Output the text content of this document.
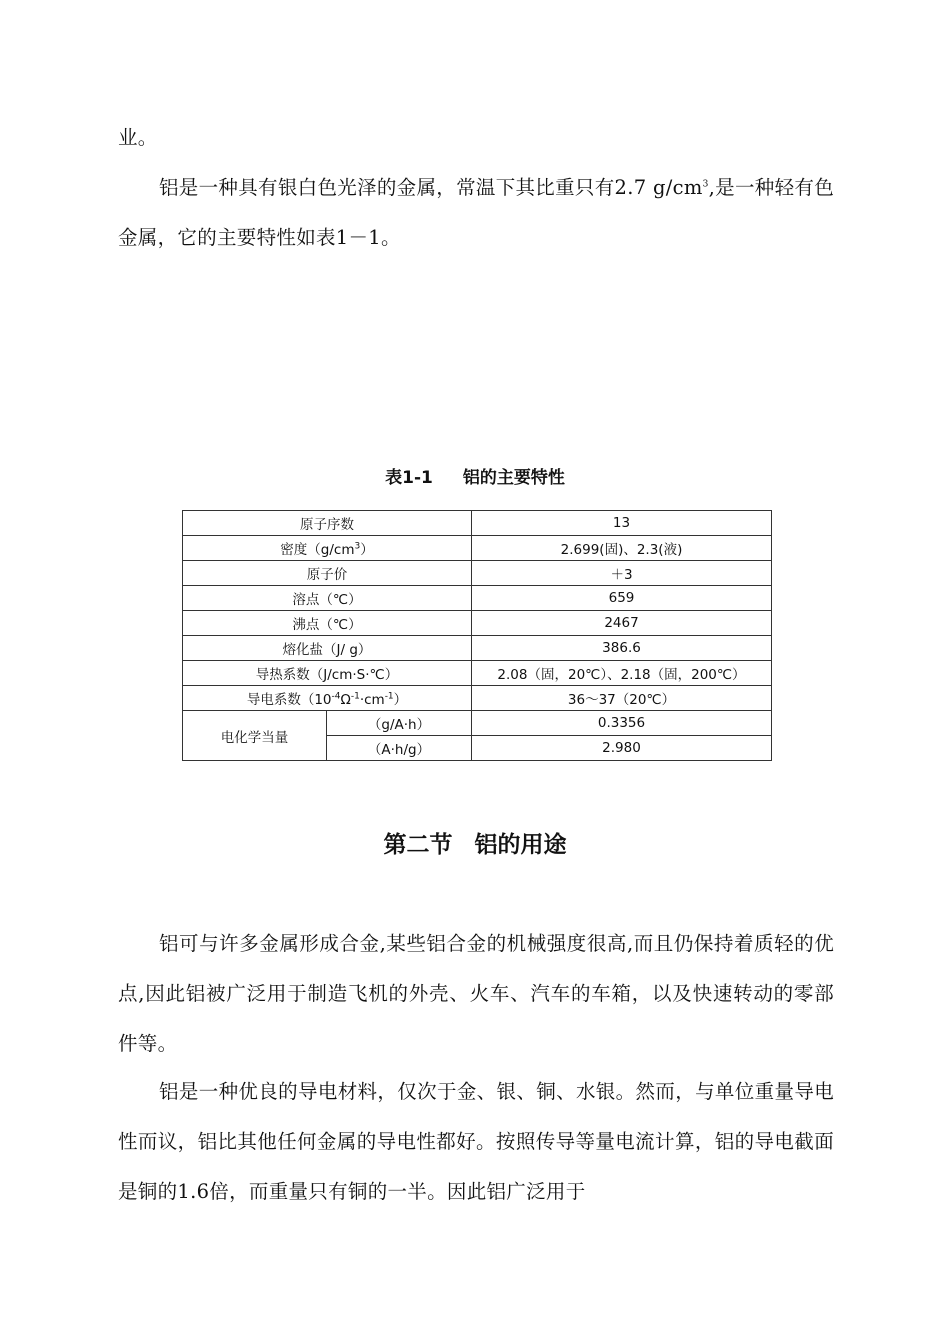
业。

铝是一种具有银白色光泽的金属，常温下其比重只有2.7 $g/cm^3$,是一种轻有色金属，它的主要特性如表1－1。

表1-1 铝的主要特性
原子序数		13
密度$(g/cm^3)$		2.699(固)、2.3(液)
原子价		＋3
溶点（℃）		659
沸点（℃）		2467
熔化盐（J/ g）		386.6
导热系数（J/cm·S·℃）		2.08（固，20℃）、2.18（固，200℃）
导电系数$(10^{-4}\Omega^{-1}\cdot cm^{-1})$		36～37（20℃）
电化学当量	（g/A·h）	0.3356
	（A·h/g）	2.980
第二节 铝的用途

铝可与许多金属形成合金,某些铝合金的机械强度很高,而且仍保持着质轻的优点,因此铝被广泛用于制造飞机的外壳、火车、汽车的车箱，以及快速转动的零部件等。

铝是一种优良的导电材料，仅次于金、银、铜、水银。然而，与单位重量导电性而议，铝比其他任何金属的导电性都好。按照传导等量电流计算，铝的导电截面是铜的1.6倍，而重量只有铜的一半。因此铝广泛用于
